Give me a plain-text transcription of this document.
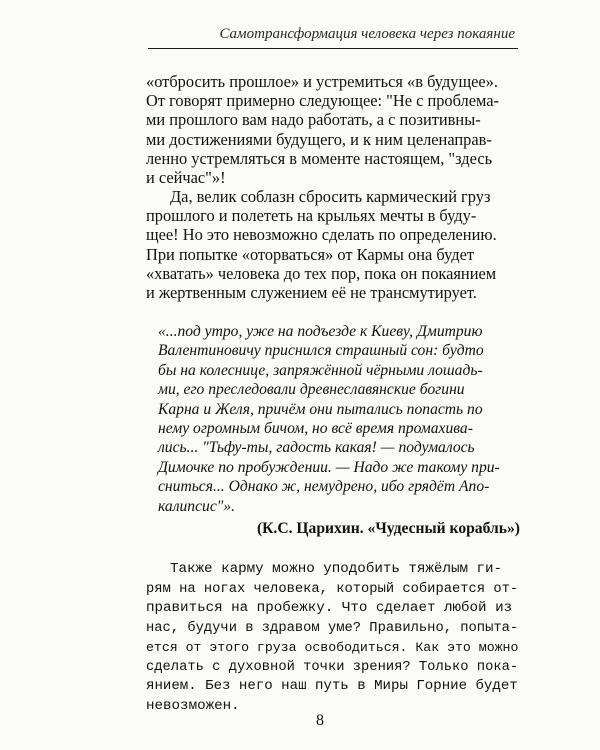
Самотрансформация человека через покаяние
«отбросить прошлое» и устремиться «в будущее».
От говорят примерно следующее: "Не с проблема-
ми прошлого вам надо работать, а с позитивны-
ми достижениями будущего, и к ним целенаправ-
ленно устремляться в моменте настоящем, "здесь
и сейчас"»!
Да, велик соблазн сбросить кармический груз
прошлого и полететь на крыльях мечты в буду-
щее! Но это невозможно сделать по определению.
При попытке «оторваться» от Кармы она будет
«хватать» человека до тех пор, пока он покаянием
и жертвенным служением её не трансмутирует.
«...под утро, уже на подъезде к Киеву, Дмитрию
Валентиновичу приснился страшный сон: будто
бы на колеснице, запряжённой чёрными лошадь-
ми, его преследовали древнеславянские богини
Карна и Желя, причём они пытались попасть по
нему огромным бичом, но всё время промахива-
лись... "Тьфу-ты, гадость какая! — подумалось
Димочке по пробуждении. — Надо же такому при-
сниться... Однако ж, немудрено, ибо грядёт Апо-
калипсис"».
(К.С. Царихин. «Чудесный корабль»)
Также карму можно уподобить тяжёлым ги-
рям на ногах человека, который собирается от-
правиться на пробежку. Что сделает любой из
нас, будучи в здравом уме? Правильно, попыта-
ется от этого груза освободиться. Как это можно
сделать с духовной точки зрения? Только пока-
янием. Без него наш путь в Миры Горние будет
невозможен.
8
